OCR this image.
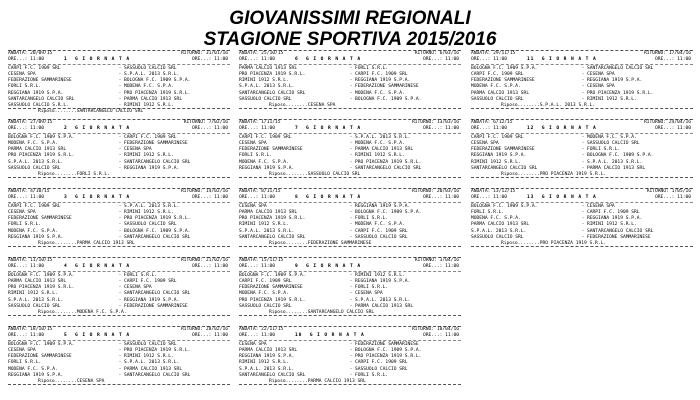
GIOVANISSIMI REGIONALI
STAGIONE SPORTIVA 2015/2016
ANDATA: 20/09/15	RITORNO: 31/01/16
ORE...: 11:00	1 G I O R N A T A	ORE...: 11:00
CARPI F.C. 1909 SRL	- SASSUOLO CALCIO SRL
CESENA SPA	- S.P.A.L. 2013 S.R.L.
FEDERAZIONE SAMMARINESE	- BOLOGNA F.C. 1909 S.P.A.
FORLI S.R.L.	- MODENA F.C. S.P.A.
REGGIANA 1919 S.P.A.	- PRO PIACENZA 1919 S.R.L.
SANTARCANGELO CALCIO SRL	- PARMA CALCIO 1913 SRL
SASSUOLO CALCIO S.R.L.	- RIMINI 1912 S.R.L.
Riposo........ SANTARCANGELO CALCIO SRL
ANDATA: 27/09/15	RITORNO: 7/02/16
ORE...: 11:00	2 G I O R N A T A	ORE...: 11:00
BOLOGNA F.C. 1909 S.P.A.	- CARPI F.C. 1909 SRL
MODENA F.C. S.P.A.	- FEDERAZIONE SAMMARINESE
PARMA CALCIO 1913 SRL	- CESENA SPA
PRO PIACENZA 1919 S.R.L.	- RIMINI 1912 S.R.L.
S.P.A.L. 2013 S.R.L.	- SANTARCANGELO CALCIO SRL
SASSUOLO CALCIO SRL	- REGGIANA 1919 S.P.A.
Riposo........ FORLI S.R.L.
ANDATA: 4/10/15	RITORNO: 14/02/16
ORE...: 11:00	3 G I O R N A T A	ORE...: 11:00
CARPI F.C. 1909 SRL	- S.P.A.L. 2013 S.R.L.
CESENA SPA	- RIMINI 1912 S.R.L.
FEDERAZIONE SAMMARINESE	- PRO PIACENZA 1919 S.R.L.
FORLI S.R.L.	- SASSUOLO CALCIO SRL
MODENA F.C. S.P.A.	- BOLOGNA F.C. 1909 S.P.A.
REGGIANA 1919 S.P.A.	- SANTARCANGELO CALCIO SRL
Riposo........ PARMA CALCIO 1913 SRL
ANDATA: 11/10/15	RITORNO: 21/02/16
ORE...: 11:00	4 G I O R N A T A	ORE...: 11:00
BOLOGNA F.C. 1909 S.P.A.	- FORLI S.R.L.
PARMA CALCIO 1913 SRL	- CARPI F.C. 1909 SRL
PRO PIACENZA 1919 S.R.L.	- CESENA SPA
RIMINI 1912 S.R.L.	- SANTARCANGELO CALCIO SRL
S.P.A.L. 2013 S.R.L.	- REGGIANA 1919 S.P.A.
SASSUOLO CALCIO SRL	- FEDERAZIONE SAMMARINESE
Riposo........ MODENA F.C. S.P.A.
ANDATA: 18/10/15	RITORNO: 28/02/16
ORE...: 11:00	5 G I O R N A T A	ORE...: 11:00
BOLOGNA F.C. 1909 S.P.A.	- SASSUOLO CALCIO SRL
CESENA SPA	- PRO PIACENZA 1919 S.R.L.
FEDERAZIONE SAMMARINESE	- RIMINI 1912 S.R.L.
FORLI S.R.L.	- S.P.A.L. 2013 S.R.L.
MODENA F.C. S.P.A.	- PARMA CALCIO 1913 SRL
REGGIANA 1919 S.P.A.	- SANTARCANGELO CALCIO SRL
Riposo........ CESENA SPA
ANDATA: 25/10/15	RITORNO: 6/03/16
ORE...: 11:00	6 G I O R N A T A	ORE...: 11:00
PARMA CALCIO 1913 SRL	- FORLI S.R.L.
PRO PIACENZA 1919 S.R.L.	- CARPI F.C. 1909 SRL
RIMINI 1912 S.R.L.	- REGGIANA 1919 S.P.A.
S.P.A.L. 2013 S.R.L.	- FEDERAZIONE SAMMARINESE
SANTARCANGELO CALCIO SRL	- MODENA F.C. S.P.A.
SASSUOLO CALCIO SRL	- BOLOGNA F.C. 1909 S.P.A.
Riposo........ CESENA SPA
ANDATA: 1/11/15	RITORNO: 13/03/16
ORE...: 11:00	7 G I O R N A T A	ORE...: 11:00
CARPI F.C. 1909 SRL	- S.P.A.L. 2013 S.R.L.
CESENA SPA	- MODENA F.C. S.P.A.
FEDERAZIONE SAMMARINESE	- PARMA CALCIO 1913 SRL
FORLI S.R.L.	- RIMINI 1912 S.R.L.
MODENA F.C. S.P.A.	- PRO PIACENZA 1919 S.R.L.
REGGIANA 1919 S.P.A.	- SANTARCANGELO CALCIO SRL
Riposo........ SASSUOLO CALCIO SRL
ANDATA: 8/11/15	RITORNO: 20/03/16
ORE...: 11:00	8 G I O R N A T A	ORE...: 11:00
CESENA SPA	- REGGIANA 1919 S.P.A.
PARMA CALCIO 1913 SRL	- BOLOGNA F.C. 1909 S.P.A.
PRO PIACENZA 1919 S.R.L.	- FORLI S.R.L.
RIMINI 1912 S.R.L.	- MODENA F.C. S.P.A.
S.P.A.L. 2013 S.R.L.	- CARPI F.C. 1909 SRL
SANTARCANGELO CALCIO SRL	- SASSUOLO CALCIO SRL
Riposo........ FEDERAZIONE SAMMARINESE
ANDATA: 15/11/15	RITORNO: 3/04/16
ORE...: 11:00	9 G I O R N A T A	ORE...: 11:00
BOLOGNA F.C. 1909 S.P.A.	- RIMINI 1912 S.R.L.
CARPI F.C. 1909 SRL	- REGGIANA 1919 S.P.A.
FEDERAZIONE SAMMARINESE	- FORLI S.R.L.
MODENA F.C. S.P.A.	- CESENA SPA
PRO PIACENZA 1919 S.R.L.	- S.P.A.L. 2013 S.R.L.
SASSUOLO CALCIO SRL	- PARMA CALCIO 1913 SRL
Riposo........ SANTARCANGELO CALCIO SRL
ANDATA: 22/11/15	RITORNO: 10/04/16
ORE...: 11:00	10 G I O R N A T A	ORE...: 11:00
CESENA SPA	- FEDERAZIONE SAMMARINESE
PARMA CALCIO 1913 SRL	- BOLOGNA F.C. 1909 S.P.A.
REGGIANA 1919 S.P.A.	- PRO PIACENZA 1919 S.R.L.
RIMINI 1912 S.R.L.	- CARPI F.C. 1909 SRL
S.P.A.L. 2013 S.R.L.	- SASSUOLO CALCIO SRL
SANTARCANGELO CALCIO SRL	- FORLI S.R.L.
Riposo........ PARMA CALCIO 1913 SRL
ANDATA: 29/11/15	RITORNO: 17/04/16
ORE...: 11:00	11 G I O R N A T A	ORE...: 11:00
BOLOGNA F.C. 1909 S.P.A.	- SANTARCANGELO CALCIO SRL
CARPI F.C. 1909 SRL	- CESENA SPA
FEDERAZIONE SAMMARINESE	- REGGIANA 1919 S.P.A.
MODENA F.C. S.P.A.	- CESENA SPA
PARMA CALCIO 1913 SRL	- PRO PIACENZA 1919 S.R.L.
SASSUOLO CALCIO SRL	- RIMINI 1912 S.R.L.
Riposo........ S.P.A.L. 2013 S.R.L.
ANDATA: 6/12/15	RITORNO: 24/04/16
ORE...: 11:00	12 G I O R N A T A	ORE...: 11:00
CARPI F.C. 1909 SRL	- MODENA F.C. S.P.A.
CESENA SPA	- SASSUOLO CALCIO SRL
FEDERAZIONE SAMMARINESE	- FORLI S.R.L.
REGGIANA 1919 S.P.A.	- BOLOGNA F.C. 1909 S.P.A.
RIMINI 1912 S.R.L.	- S.P.A.L. 2013 S.R.L.
SANTARCANGELO CALCIO SRL	- PARMA CALCIO 1913 SRL
Riposo........ PRO PIACENZA 1919 S.R.L.
ANDATA: 13/12/15	RITORNO: 1/05/16
ORE...: 11:00	13 G I O R N A T A	ORE...: 11:00
BOLOGNA F.C. 1909 S.P.A.	- CESENA SPA
FORLI S.R.L.	- CARPI F.C. 1909 SRL
MODENA F.C. S.P.A.	- REGGIANA 1919 S.P.A.
PARMA CALCIO 1913 SRL	- RIMINI 1912 S.R.L.
S.P.A.L. 2013 S.R.L.	- SANTARCANGELO CALCIO SRL
SASSUOLO CALCIO SRL	- FEDERAZIONE SAMMARINESE
Riposo........ PRO PIACENZA 1919 S.R.L.
